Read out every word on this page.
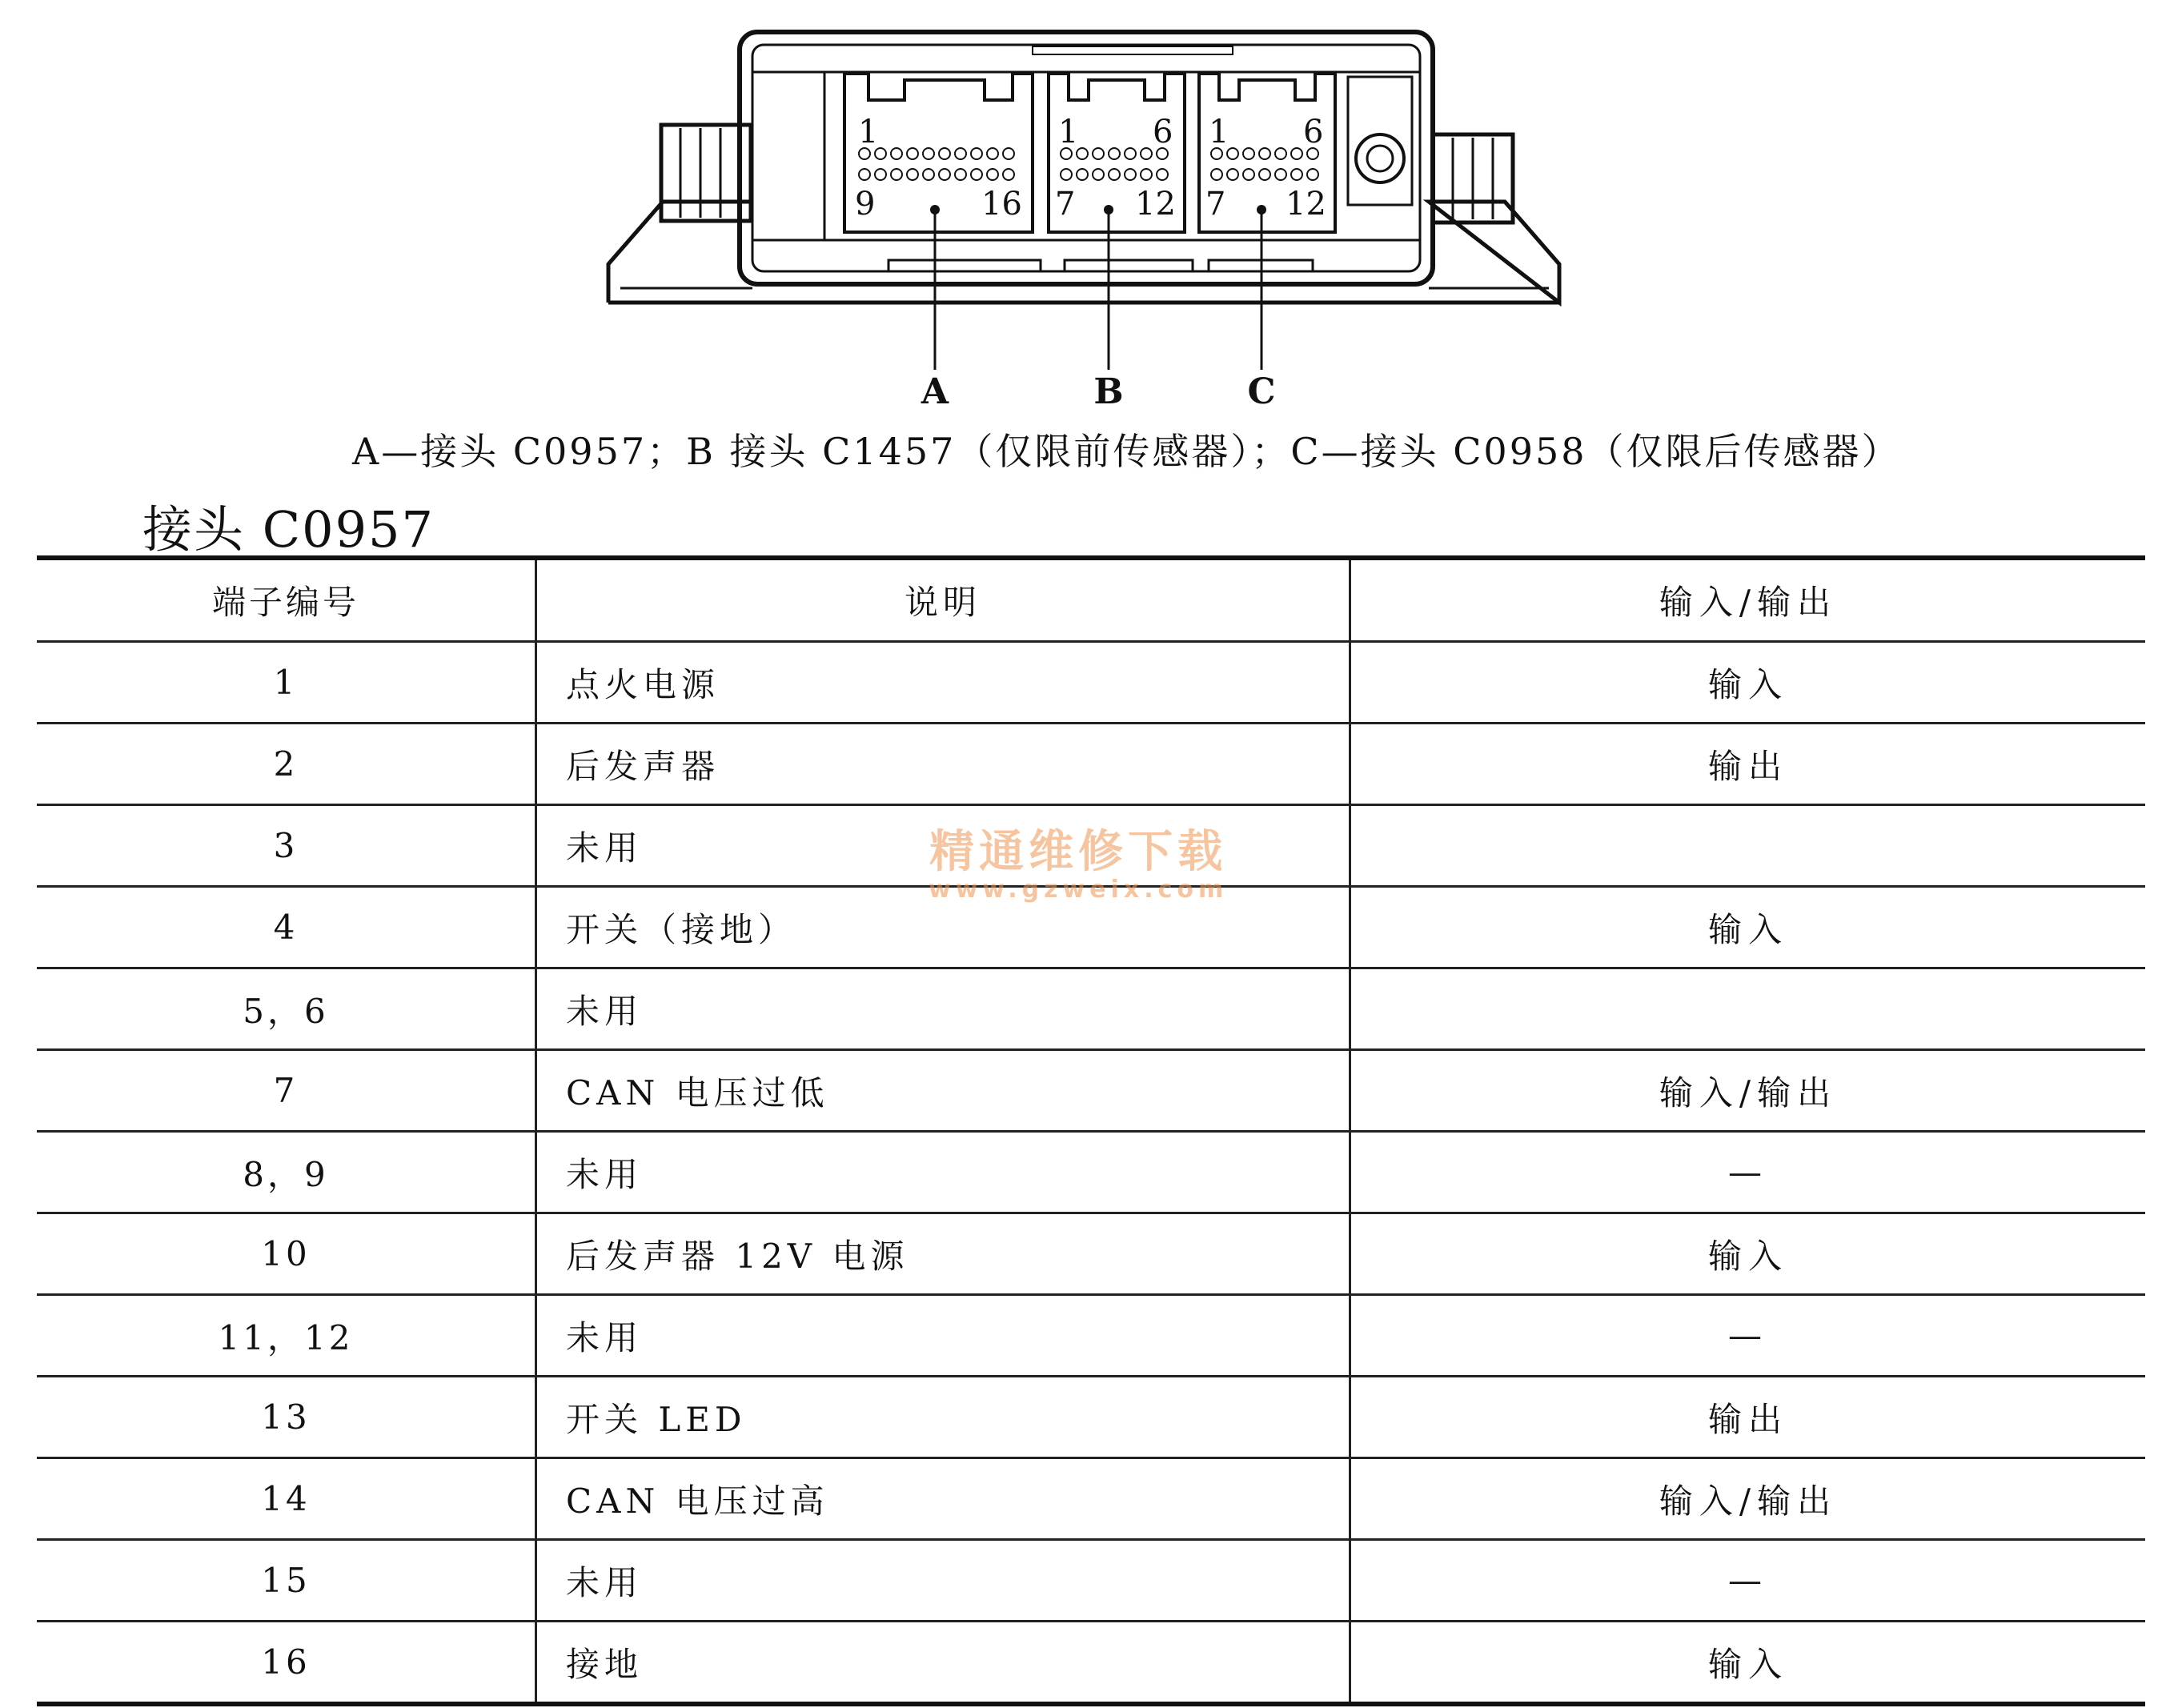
1
9	16
1 6
7 12
1 6
7 12
A	B	C
A—接头 C0957；B 接头 C1457（仅限前传感器）；C—接头 C0958（仅限后传感器）
接头 C0957
端子编号	说明	输入/输出
1	点火电源	输入
2	后发声器	输出
3	未用	
4	开关（接地）	输入
5，6	未用	
7	CAN 电压过低	输入/输出
8，9	未用	—
10	后发声器 12V 电源	输入
11，12	未用	—
13	开关 LED	输出
14	CAN 电压过高	输入/输出
15	未用	—
16	接地	输入
精通维修下载
www.gzweix.com
